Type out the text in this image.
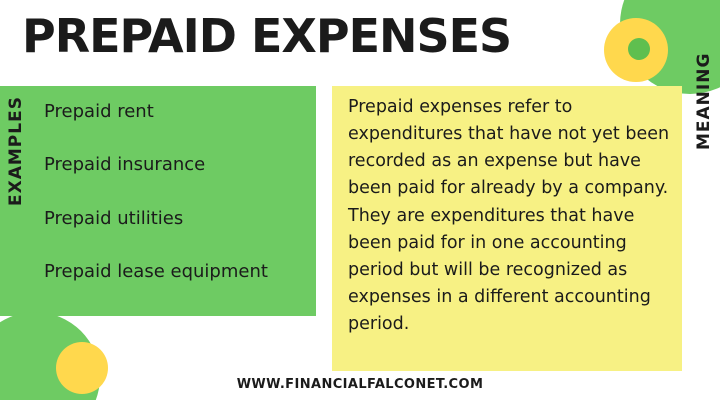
PREPAID EXPENSES
EXAMPLES Prepaid rent
Prepaid insurance
Prepaid utilities
Prepaid lease equipment
Prepaid expenses refer to expenditures that have not yet been recorded as an expense but have been paid for already by a company. They are expenditures that have been paid for in one accounting period but will be recognized as expenses in a different accounting period.
MEANING
WWW.FINANCIALFALCONET.COM
